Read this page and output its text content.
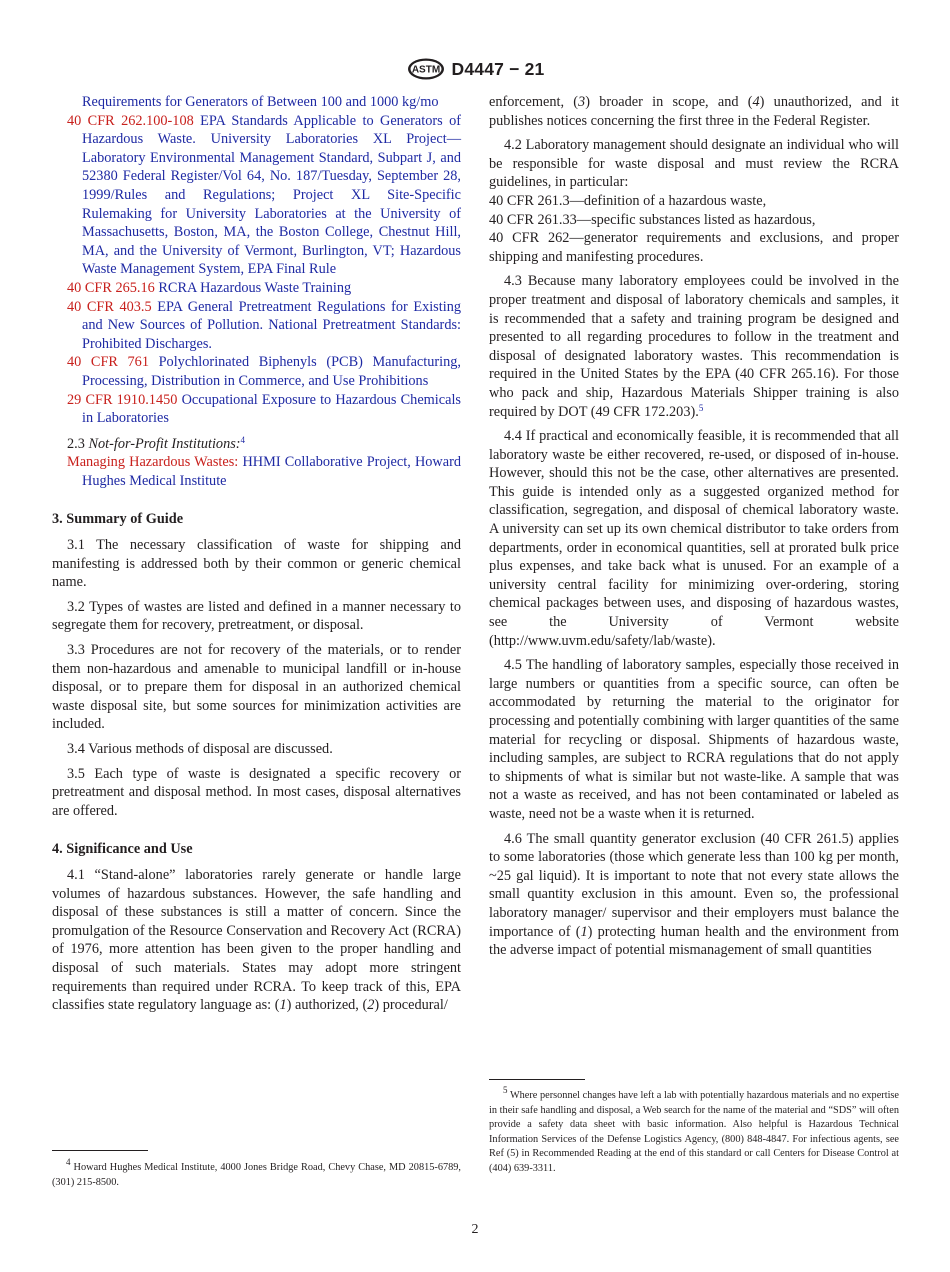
ASTM D4447 − 21

Requirements for Generators of Between 100 and 1000 kg/mo

40 CFR 262.100-108 EPA Standards Applicable to Generators of Hazardous Waste. University Laboratories XL Project—Laboratory Environmental Management Standard, Subpart J, and 52380 Federal Register/Vol 64, No. 187/Tuesday, September 28, 1999/Rules and Regulations; Project XL Site-Specific Rulemaking for University Laboratories at the University of Massachusetts, Boston, MA, the Boston College, Chestnut Hill, MA, and the University of Vermont, Burlington, VT; Hazardous Waste Management System, EPA Final Rule

40 CFR 265.16 RCRA Hazardous Waste Training

40 CFR 403.5 EPA General Pretreatment Regulations for Existing and New Sources of Pollution. National Pretreatment Standards: Prohibited Discharges.

40 CFR 761 Polychlorinated Biphenyls (PCB) Manufacturing, Processing, Distribution in Commerce, and Use Prohibitions

29 CFR 1910.1450 Occupational Exposure to Hazardous Chemicals in Laboratories

2.3 Not-for-Profit Institutions:$^4$

Managing Hazardous Wastes: HHMI Collaborative Project, Howard Hughes Medical Institute

3. Summary of Guide

3.1 The necessary classification of waste for shipping and manifesting is addressed both by their common or generic chemical name.

3.2 Types of wastes are listed and defined in a manner necessary to segregate them for recovery, pretreatment, or disposal.

3.3 Procedures are not for recovery of the materials, or to render them non-hazardous and amenable to municipal landfill or in-house disposal, or to prepare them for disposal in an authorized chemical waste disposal site, but some sources for minimization activities are included.

3.4 Various methods of disposal are discussed.

3.5 Each type of waste is designated a specific recovery or pretreatment and disposal method. In most cases, disposal alternatives are offered.

4. Significance and Use

4.1 “Stand-alone” laboratories rarely generate or handle large volumes of hazardous substances. However, the safe handling and disposal of these substances is still a matter of concern. Since the promulgation of the Resource Conservation and Recovery Act (RCRA) of 1976, more attention has been given to the proper handling and disposal of such materials. States may adopt more stringent requirements than required under RCRA. To keep track of this, EPA classifies state regulatory language as: (1) authorized, (2) procedural/

enforcement, (3) broader in scope, and (4) unauthorized, and it publishes notices concerning the first three in the Federal Register.

4.2 Laboratory management should designate an individual who will be responsible for waste disposal and must review the RCRA guidelines, in particular:

40 CFR 261.3—definition of a hazardous waste,

40 CFR 261.33—specific substances listed as hazardous,

40 CFR 262—generator requirements and exclusions, and proper shipping and manifesting procedures.

4.3 Because many laboratory employees could be involved in the proper treatment and disposal of laboratory chemicals and samples, it is recommended that a safety and training program be designed and presented to all regarding procedures to follow in the treatment and disposal of designated laboratory wastes. This recommendation is required in the United States by the EPA (40 CFR 265.16). For those who pack and ship, Hazardous Materials Shipper training is also required by DOT (49 CFR 172.203).$^5$

4.4 If practical and economically feasible, it is recommended that all laboratory waste be either recovered, re-used, or disposed of in-house. However, should this not be the case, other alternatives are presented. This guide is intended only as a suggested organized method for classification, segregation, and disposal of chemical laboratory waste. A university can set up its own chemical distributor to take orders from departments, order in economical quantities, sell at prorated bulk price plus expenses, and take back what is unused. For an example of a university central facility for minimizing over-ordering, storing chemical packages between uses, and disposing of hazardous wastes, see the University of Vermont website (http://www.uvm.edu/safety/lab/waste).

4.5 The handling of laboratory samples, especially those received in large numbers or quantities from a specific source, can often be accommodated by returning the material to the originator for processing and potentially combining with larger quantities of the same material for recycling or disposal. Shipments of hazardous waste, including samples, are subject to RCRA regulations that do not apply to shipments of what is similar but not waste-like. A sample that was not a waste as received, and has not been contaminated or labeled as waste, need not be a waste when it is returned.

4.6 The small quantity generator exclusion (40 CFR 261.5) applies to some laboratories (those which generate less than 100 kg per month, ~25 gal liquid). It is important to note that not every state allows the small quantity exclusion in this amount. Even so, the professional laboratory manager/ supervisor and their employers must balance the importance of (1) protecting human health and the environment from the adverse impact of potential mismanagement of small quantities

$^4$ Howard Hughes Medical Institute, 4000 Jones Bridge Road, Chevy Chase, MD 20815-6789, (301) 215-8500.

$^5$ Where personnel changes have left a lab with potentially hazardous materials and no expertise in their safe handling and disposal, a Web search for the name of the material and “SDS” will often provide a safety data sheet with basic information. Also helpful is Hazardous Technical Information Services of the Defense Logistics Agency, (800) 848-4847. For infectious agents, see Ref (5) in Recommended Reading at the end of this standard or call Centers for Disease Control at (404) 639-3311.

2
